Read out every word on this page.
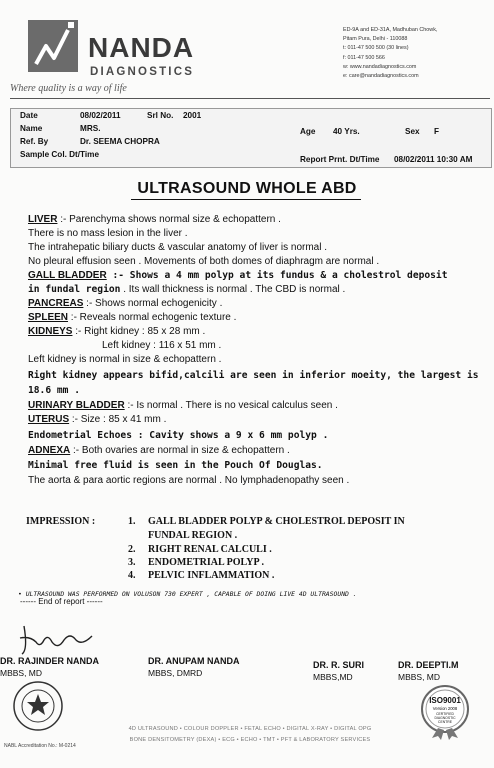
NANDA
DIAGNOSTICS
Where quality is a way of life
ED-9A and ED-31A, Madhuban Chowk,
Pitam Pura, Delhi - 110088
t: 011-47 500 500 (30 lines)
f: 011-47 500 566
w: www.nandadiagnostics.com
e: care@nandadiagnostics.com
Date	08/02/2011	Srl No. 2001
Name	MRS.
Ref. By	Dr. SEEMA CHOPRA
Sample Col. Dt/Time
Age 40 Yrs.	Sex F
Report Prnt. Dt/Time 08/02/2011 10:30 AM
ULTRASOUND WHOLE ABD
LIVER :- Parenchyma shows normal size & echopattern .
There is no mass lesion in the liver .
The intrahepatic biliary ducts & vascular anatomy of liver is normal .
No pleural effusion seen . Movements of both domes of diaphragm are normal .
GALL BLADDER :- Shows a 4 mm polyp at its fundus & a cholestrol deposit
in fundal region . Its wall thickness is normal . The CBD is normal .
PANCREAS :- Shows normal echogenicity .
SPLEEN :- Reveals normal echogenic texture .
KIDNEYS :- Right kidney : 85 x 28 mm .
Left kidney : 116 x 51 mm .
Left kidney is normal in size & echopattern .
Right kidney appears bifid,calcili are seen in inferior moeity, the largest is
18.6 mm .
URINARY BLADDER :- Is normal . There is no vesical calculus seen .
UTERUS :- Size : 85 x 41 mm .
Endometrial Echoes : Cavity shows a 9 x 6 mm polyp .
ADNEXA :- Both ovaries are normal in size & echopattern .
Minimal free fluid is seen in the Pouch Of Douglas.
The aorta & para aortic regions are normal . No lymphadenopathy seen .
IMPRESSION :	1. GALL BLADDER POLYP & CHOLESTROL DEPOSIT IN
FUNDAL REGION .
2. RIGHT RENAL CALCULI .
3. ENDOMETRIAL POLYP .
4. PELVIC INFLAMMATION .
• ULTRASOUND WAS PERFORMED ON VOLUSON 730 EXPERT , CAPABLE OF DOING LIVE 4D ULTRASOUND .
------ End of report ------
DR. RAJINDER NANDA
MBBS, MD
DR. ANUPAM NANDA
MBBS, DMRD
DR. R. SURI
MBBS,MD
DR. DEEPTI.M
MBBS, MD
NABL Accreditation No.: M-0214
ISO9001
Version 2008
CERTIFIED DIAGNOSTIC CENTRE
4D ULTRASOUND • COLOUR DOPPLER • FETAL ECHO • DIGITAL X-RAY • DIGITAL OPG
BONE DENSITOMETRY (DEXA) • ECG • ECHO • TMT • PFT & LABORATORY SERVICES
